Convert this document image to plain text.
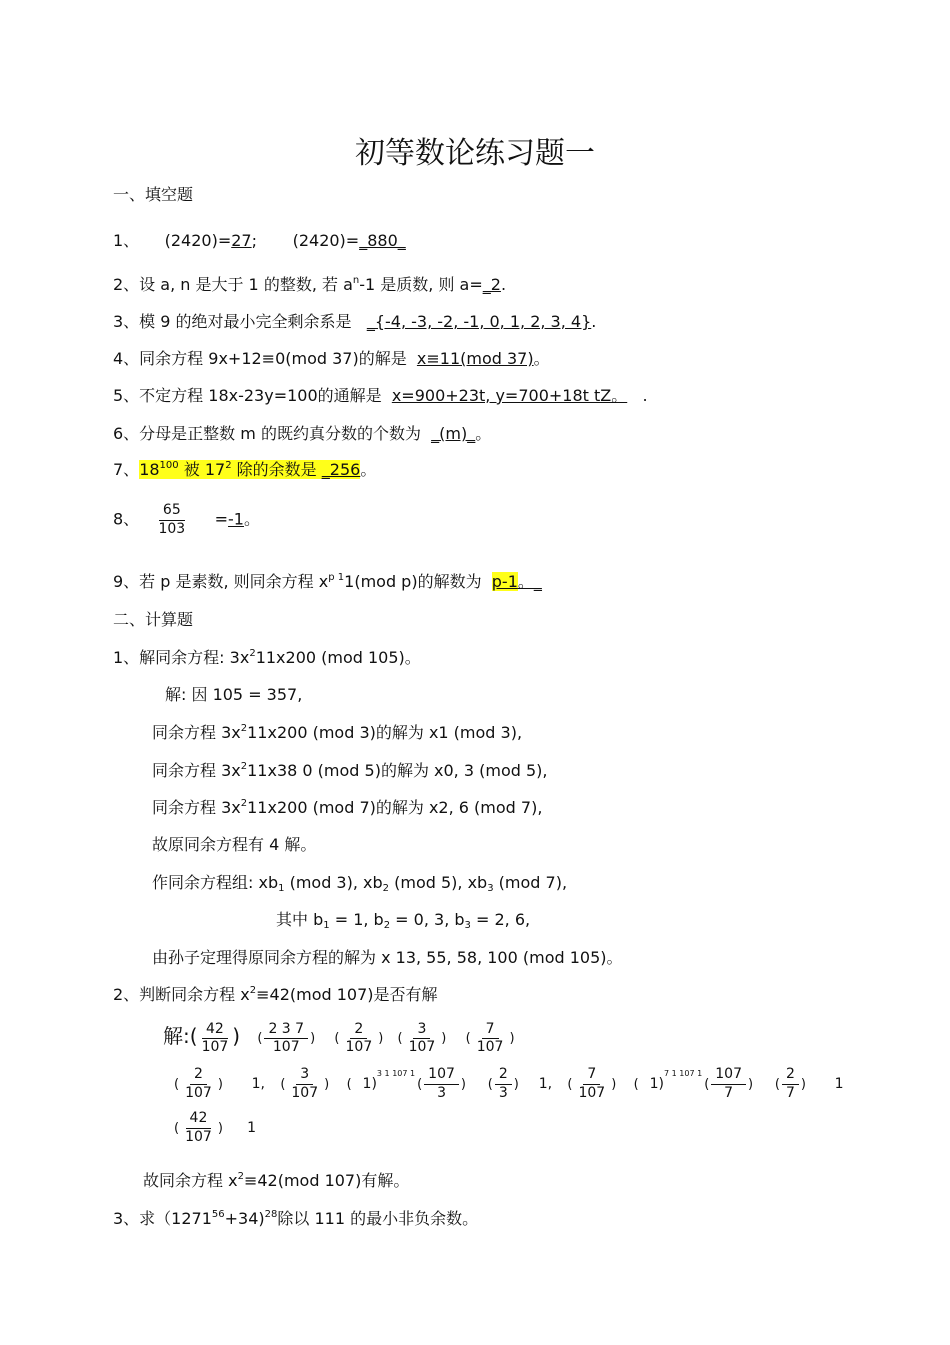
初等数论练习题一
一、填空题
1、 (2420)=27; (2420)=_880_
2、设 a, n 是大于 1 的整数, 若 $a^n-1$ 是质数, 则 a=_2.
3、模 9 的绝对最小完全剩余系是 _{-4, -3, -2, -1, 0, 1, 2, 3, 4}.
4、同余方程 9x+12≡0(mod 37)的解是 x≡11(mod 37)。
5、不定方程 18x-23y=100的通解是 x=900+23t, y=700+18t tZ。 .
6、分母是正整数 m 的既约真分数的个数为 _(m)_。
7、$18^{100}$ 被 $17^2$ 除的余数是 _256。
8、 $\frac{65}{103} =-1$。
9、若 p 是素数, 则同余方程 $x^{p 1}1(mod$ p)的解数为 p-1。_
二、计算题
1、解同余方程: $3x^211x200$ (mod 105)。
解: 因 105 = 357,
同余方程 $3x^211x200$ (mod 3)的解为 x1 (mod 3),
同余方程 $3x^211x38$ 0 (mod 5)的解为 x0, 3 (mod 5),
同余方程 $3x^211x200$ (mod 7)的解为 x2, 6 (mod 7),
故原同余方程有 4 解。
作同余方程组: $xb_1$ (mod 3), $xb_2$ (mod 5), $xb_3$ (mod 7),
其中 $b_1 = 1$, $b_2 = 0$, 3, $b_3 = 2$, 6,
由孙子定理得原同余方程的解为 x 13, 55, 58, 100 (mod 105)。
2、判断同余方程 $x^2\equiv 42(mod$ 107)是否有解
解:( $\frac{42}{107}$ ) ( $\frac{2 3 7}{107}$ ) ( $\frac{2}{107}$ ) ( $\frac{3}{107}$ ) ( $\frac{7}{107}$ )
( $\frac{2}{107}$ ) 1, ( $\frac{3}{107}$ ) ( $1)^{3 1 107 1}( \frac{107}{3}$ ) ( $\frac{2}{3}$ ) 1, ( $\frac{7}{107}$ ) ( $1)^{7 1 107 1}( \frac{107}{7}$ ) ( $\frac{2}{7}$ ) 1
( $\frac{42}{107}$ ) 1
故同余方程 $x^2\equiv 42(mod$ 107)有解。
3、求$(1271^{56}+34)^{28}$除以 111 的最小非负余数。
